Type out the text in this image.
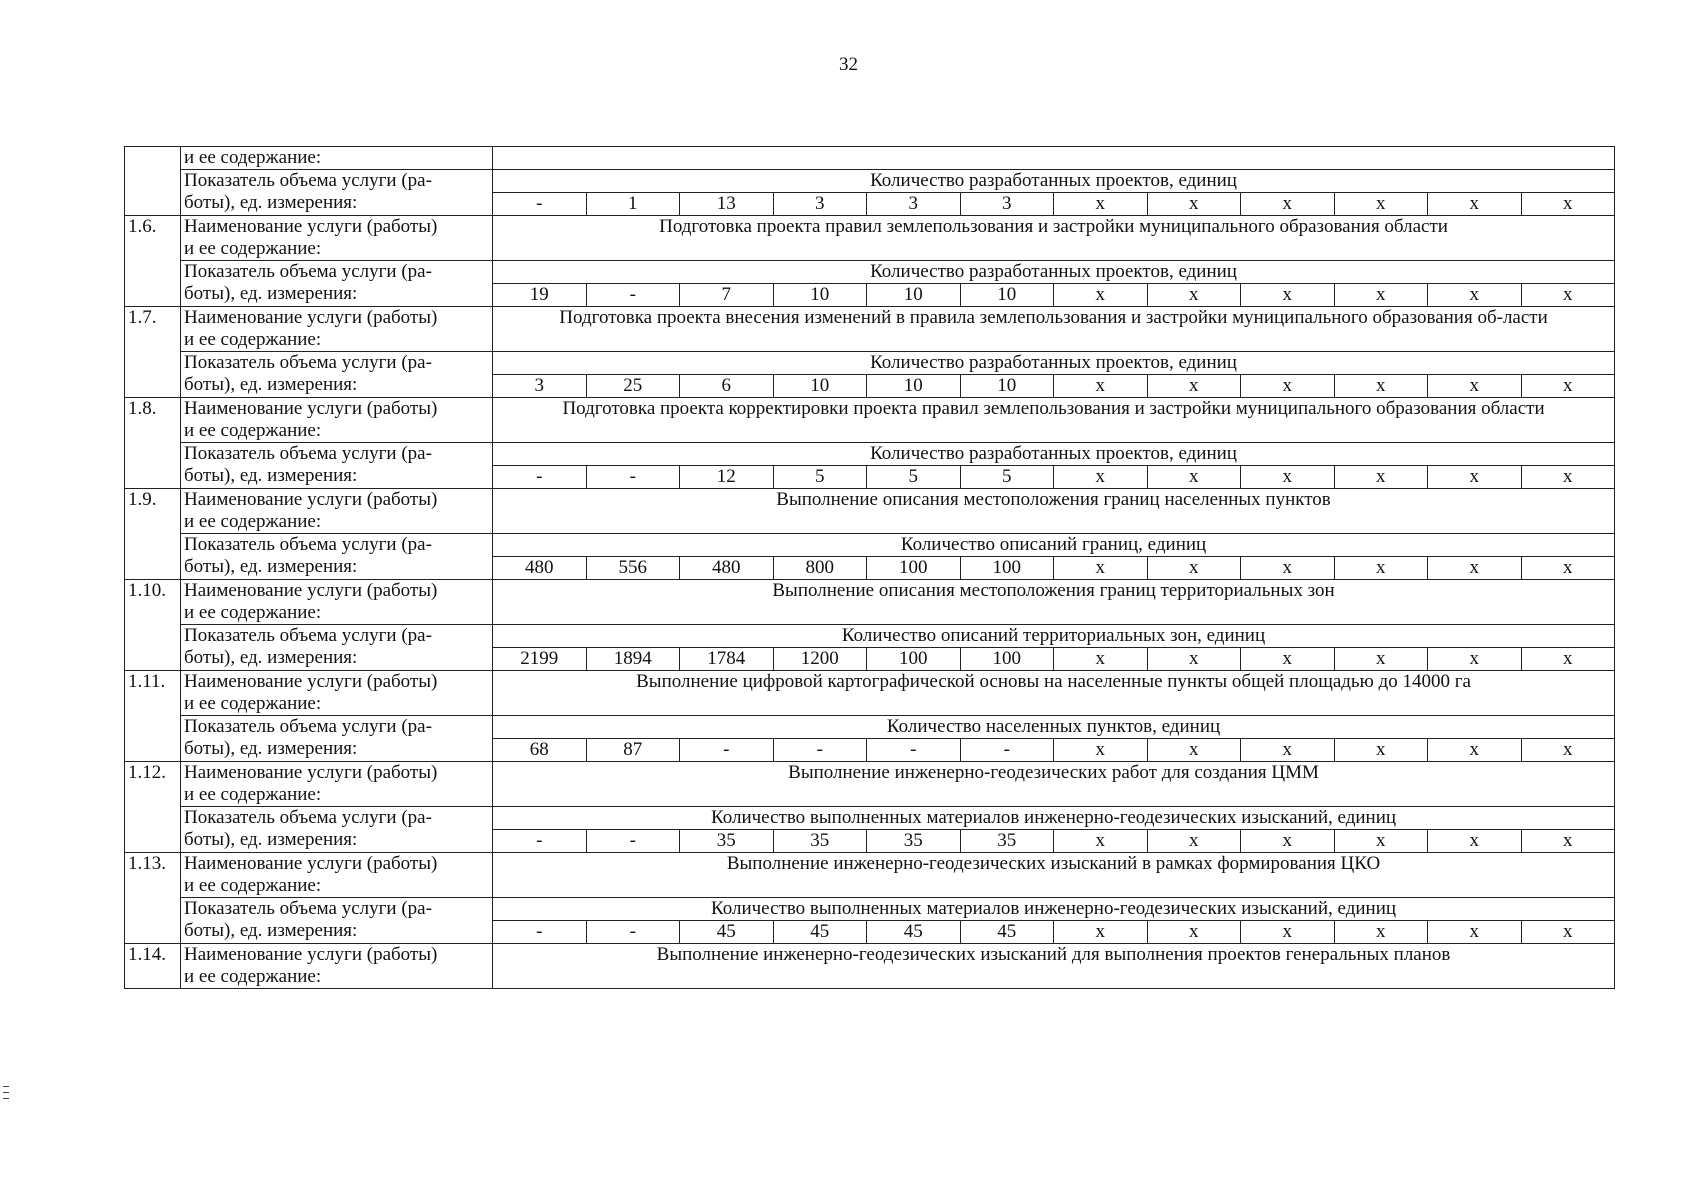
32
	и ее содержание:												
	Показатель объема услуги (ра-
боты), ед. измерения:	Количество разработанных проектов, единиц											
		-	1	13	3	3	3	x	x	x	x	x	x
1.6.	Наименование услуги (работы)
и ее содержание:	Подготовка проекта правил землепользования и застройки муниципального образования области											
	Показатель объема услуги (ра-
боты), ед. измерения:	Количество разработанных проектов, единиц											
		19	-	7	10	10	10	x	x	x	x	x	x
1.7.	Наименование услуги (работы)
и ее содержание:	Подготовка проекта внесения изменений в правила землепользования и застройки муниципального образования об-ласти											
	Показатель объема услуги (ра-
боты), ед. измерения:	Количество разработанных проектов, единиц											
		3	25	6	10	10	10	x	x	x	x	x	x
1.8.	Наименование услуги (работы)
и ее содержание:	Подготовка проекта корректировки проекта правил землепользования и застройки муниципального образования области											
	Показатель объема услуги (ра-
боты), ед. измерения:	Количество разработанных проектов, единиц											
		-	-	12	5	5	5	x	x	x	x	x	x
1.9.	Наименование услуги (работы)
и ее содержание:	Выполнение описания местоположения границ населенных пунктов											
	Показатель объема услуги (ра-
боты), ед. измерения:	Количество описаний границ, единиц											
		480	556	480	800	100	100	x	x	x	x	x	x
1.10.	Наименование услуги (работы)
и ее содержание:	Выполнение описания местоположения границ территориальных зон											
	Показатель объема услуги (ра-
боты), ед. измерения:	Количество описаний территориальных зон, единиц											
		2199	1894	1784	1200	100	100	x	x	x	x	x	x
1.11.	Наименование услуги (работы)
и ее содержание:	Выполнение цифровой картографической основы на населенные пункты общей площадью до 14000 га											
	Показатель объема услуги (ра-
боты), ед. измерения:	Количество населенных пунктов, единиц											
		68	87	-	-	-	-	x	x	x	x	x	x
1.12.	Наименование услуги (работы)
и ее содержание:	Выполнение инженерно-геодезических работ для создания ЦММ											
	Показатель объема услуги (ра-
боты), ед. измерения:	Количество выполненных материалов инженерно-геодезических изысканий, единиц											
		-	-	35	35	35	35	x	x	x	x	x	x
1.13.	Наименование услуги (работы)
и ее содержание:	Выполнение инженерно-геодезических изысканий в рамках формирования ЦКО											
	Показатель объема услуги (ра-
боты), ед. измерения:	Количество выполненных материалов инженерно-геодезических изысканий, единиц											
		-	-	45	45	45	45	x	x	x	x	x	x
1.14.	Наименование услуги (работы)
и ее содержание:	Выполнение инженерно-геодезических изысканий для выполнения проектов генеральных планов											
